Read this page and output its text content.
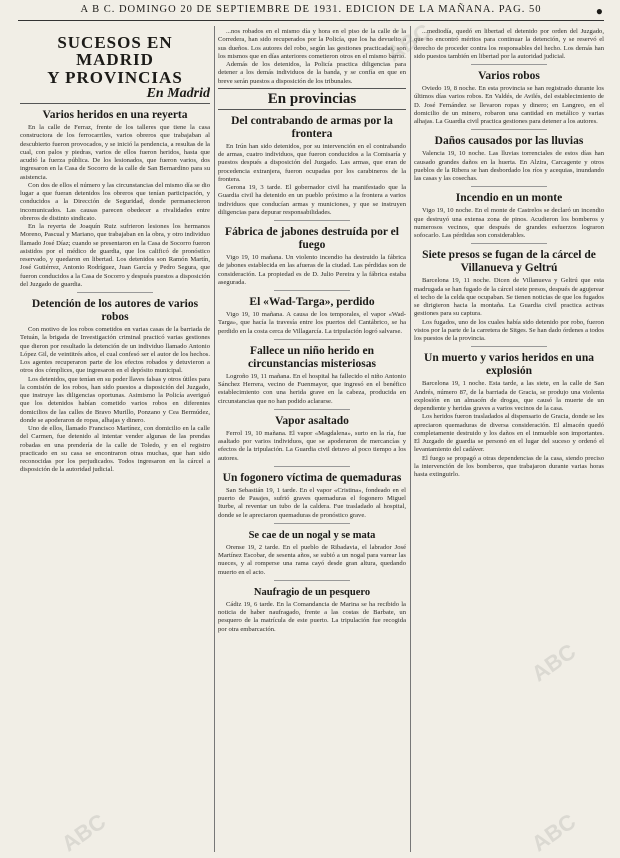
A B C. DOMINGO 20 DE SEPTIEMBRE DE 1931. EDICION DE LA MAÑANA. PAG. 50	●
SUCESOS EN MADRID
Y PROVINCIAS
En Madrid
Varios heridos en una reyerta

En la calle de Ferraz, frente de los talleres que tiene la casa constructora de los ferrocarriles, varios obreros que trabajaban al descubierto fueron provocados, y se inició la pendencia, a resultas de la cual, con palos y piedras, varios de ellos fueron heridos, hasta que acudió la fuerza pública. De los lesionados, que fueron varios, dos ingresaron en la Casa de Socorro de la calle de San Bernardino para su asistencia.

Con dos de ellos el número y las circunstancias del mismo día se dio lugar a que fueran detenidos los obreros que tenían participación, y conducidos a la Dirección de Seguridad, donde permanecieron incomunicados. Las causas parecen obedecer a rivalidades entre obreros de distinto sindicato.

En la reyerta de Joaquín Ruiz sufrieron lesiones los hermanos Moreno, Pascual y Mariano, que trabajaban en la obra, y otro individuo llamado José Díaz; cuando se presentaron en la Casa de Socorro fueron asistidos por el médico de guardia, que los calificó de pronóstico reservado, y quedaron en libertad. Los detenidos son Ramón Martín, José Gutiérrez, Antonio Rodríguez, Juan García y Pedro Segura, que fueron conducidos a la Casa de Socorro y después puestos a disposición del Juzgado de guardia.

Detención de los autores de varios robos

Con motivo de los robos cometidos en varias casas de la barriada de Tetuán, la brigada de Investigación criminal practicó varias gestiones que dieron por resultado la detención de un individuo llamado Antonio López Gil, de veintitrés años, el cual confesó ser el autor de los hechos. Los agentes recuperaron parte de los efectos robados y detuvieron a otros dos cómplices, que ingresaron en el depósito municipal.

Los detenidos, que tenían en su poder llaves falsas y otros útiles para la comisión de los robos, han sido puestos a disposición del Juzgado, que instruye las diligencias oportunas. Asimismo la Policía averiguó que los detenidos habían cometido varios robos en diferentes domicilios de las calles de Bravo Murillo, Ponzano y Cea Bermúdez, donde se apoderaron de ropas, alhajas y dinero.

Uno de ellos, llamado Francisco Martínez, con domicilio en la calle del Carmen, fue detenido al intentar vender algunas de las prendas robadas en una prendería de la calle de Toledo, y en el registro practicado en su casa se encontraron otras muchas, que han sido reconocidas por los perjudicados. Todos ingresaron en la cárcel a disposición de la autoridad judicial.

...nos robados en el mismo día y hora en el piso de la calle de la Corredera, han sido recuperados por la Policía, que los ha devuelto a sus dueños. Los autores del robo, según las gestiones practicadas, son los mismos que en días anteriores cometieron otros en el mismo barrio.

Además de los detenidos, la Policía practica diligencias para detener a los demás individuos de la banda, y se confía en que en breve serán puestos a disposición de los tribunales.

En provincias
Del contrabando de armas por la frontera

En Irún han sido detenidos, por su intervención en el contrabando de armas, cuatro individuos, que fueron conducidos a la Comisaría y puestos después a disposición del Juzgado. Las armas, que eran de procedencia extranjera, fueron ocupadas por los carabineros de la frontera.

Gerona 19, 3 tarde. El gobernador civil ha manifestado que la Guardia civil ha detenido en un pueblo próximo a la frontera a varios individuos que conducían armas y municiones, y que se instruyen diligencias para depurar responsabilidades.

Fábrica de jabones destruída por el fuego

Vigo 19, 10 mañana. Un violento incendio ha destruido la fábrica de jabones establecida en las afueras de la ciudad. Las pérdidas son de consideración. La propiedad es de D. Julio Pereira y la fábrica estaba asegurada.

El «Wad-Targa», perdido

Vigo 19, 10 mañana. A causa de los temporales, el vapor «Wad-Targa», que hacía la travesía entre los puertos del Cantábrico, se ha perdido en la costa cerca de Villagarcía. La tripulación logró salvarse.

Fallece un niño herido en circunstancias misteriosas

Logroño 19, 11 mañana. En el hospital ha fallecido el niño Antonio Sánchez Herrera, vecino de Fuenmayor, que ingresó en el benéfico establecimiento con una herida grave en la cabeza, producida en circunstancias que no han podido aclararse.

Vapor asaltado

Ferrol 19, 10 mañana. El vapor «Magdalena», surto en la ría, fue asaltado por varios individuos, que se apoderaron de mercancías y efectos de la tripulación. La Guardia civil detuvo al poco tiempo a los autores.

Un fogonero víctima de quemaduras

San Sebastián 19, 1 tarde. En el vapor «Cristina», fondeado en el puerto de Pasajes, sufrió graves quemaduras el fogonero Miguel Iturbe, al reventar un tubo de la caldera. Fue trasladado al hospital, donde se le apreciaron quemaduras de pronóstico grave.

Se cae de un nogal y se mata

Orense 19, 2 tarde. En el pueblo de Ribadavia, el labrador José Martínez Escobar, de sesenta años, se subió a un nogal para varear las nueces, y al romperse una rama cayó desde gran altura, quedando muerto en el acto.

Naufragio de un pesquero

Cádiz 19, 6 tarde. En la Comandancia de Marina se ha recibido la noticia de haber naufragado, frente a las costas de Barbate, un pesquero de la matrícula de este puerto. La tripulación fue recogida por otra embarcación.

...mediodía, quedó en libertad el detenido por orden del Juzgado, que no encontró méritos para continuar la detención, y se reservó el derecho de proceder contra los responsables del hecho. Los demás han sido puestos también en libertad por la autoridad judicial.

Varios robos

Oviedo 19, 8 noche. En esta provincia se han registrado durante los últimos días varios robos. En Valdés, de Avilés, del establecimiento de D. José Fernández se llevaron ropas y dinero; en Langreo, en el domicilio de un minero, robaron una cantidad en metálico y varias alhajas. La Guardia civil practica gestiones para detener a los autores.

Daños causados por las lluvias

Valencia 19, 10 noche. Las lluvias torrenciales de estos días han causado grandes daños en la huerta. En Alzira, Carcagente y otros pueblos de la Ribera se han desbordado los ríos y acequias, inundando las casas y las cosechas.

Incendio en un monte

Vigo 19, 10 noche. En el monte de Castrelos se declaró un incendio que destruyó una extensa zona de pinos. Acudieron los bomberos y numerosos vecinos, que después de grandes esfuerzos lograron sofocarlo. Las pérdidas son considerables.

Siete presos se fugan de la cárcel de Villanueva y Geltrú

Barcelona 19, 11 noche. Dicen de Villanueva y Geltrú que esta madrugada se han fugado de la cárcel siete presos, después de agujerear el techo de la celda que ocupaban. Se tienen noticias de que los fugados se dirigieron hacia la montaña. La Guardia civil practica activas gestiones para su captura.

Los fugados, uno de los cuales había sido detenido por robo, fueron vistos por la parte de la carretera de Sitges. Se han dado órdenes a todos los puestos de la provincia.

Un muerto y varios heridos en una explosión

Barcelona 19, 1 noche. Esta tarde, a las siete, en la calle de San Andrés, número 87, de la barriada de Gracia, se produjo una violenta explosión en un almacén de drogas, que causó la muerte de un dependiente y heridas graves a varios vecinos de la casa.

Los heridos fueron trasladados al dispensario de Gracia, donde se les apreciaron quemaduras de diversa consideración. El almacén quedó completamente destruido y los daños en el inmueble son importantes. El Juzgado de guardia se personó en el lugar del suceso y ordenó el levantamiento del cadáver.

El fuego se propagó a otras dependencias de la casa, siendo preciso la intervención de los bomberos, que trabajaron durante varias horas hasta extinguirlo.

ABC	ABC
ABC
ABC
